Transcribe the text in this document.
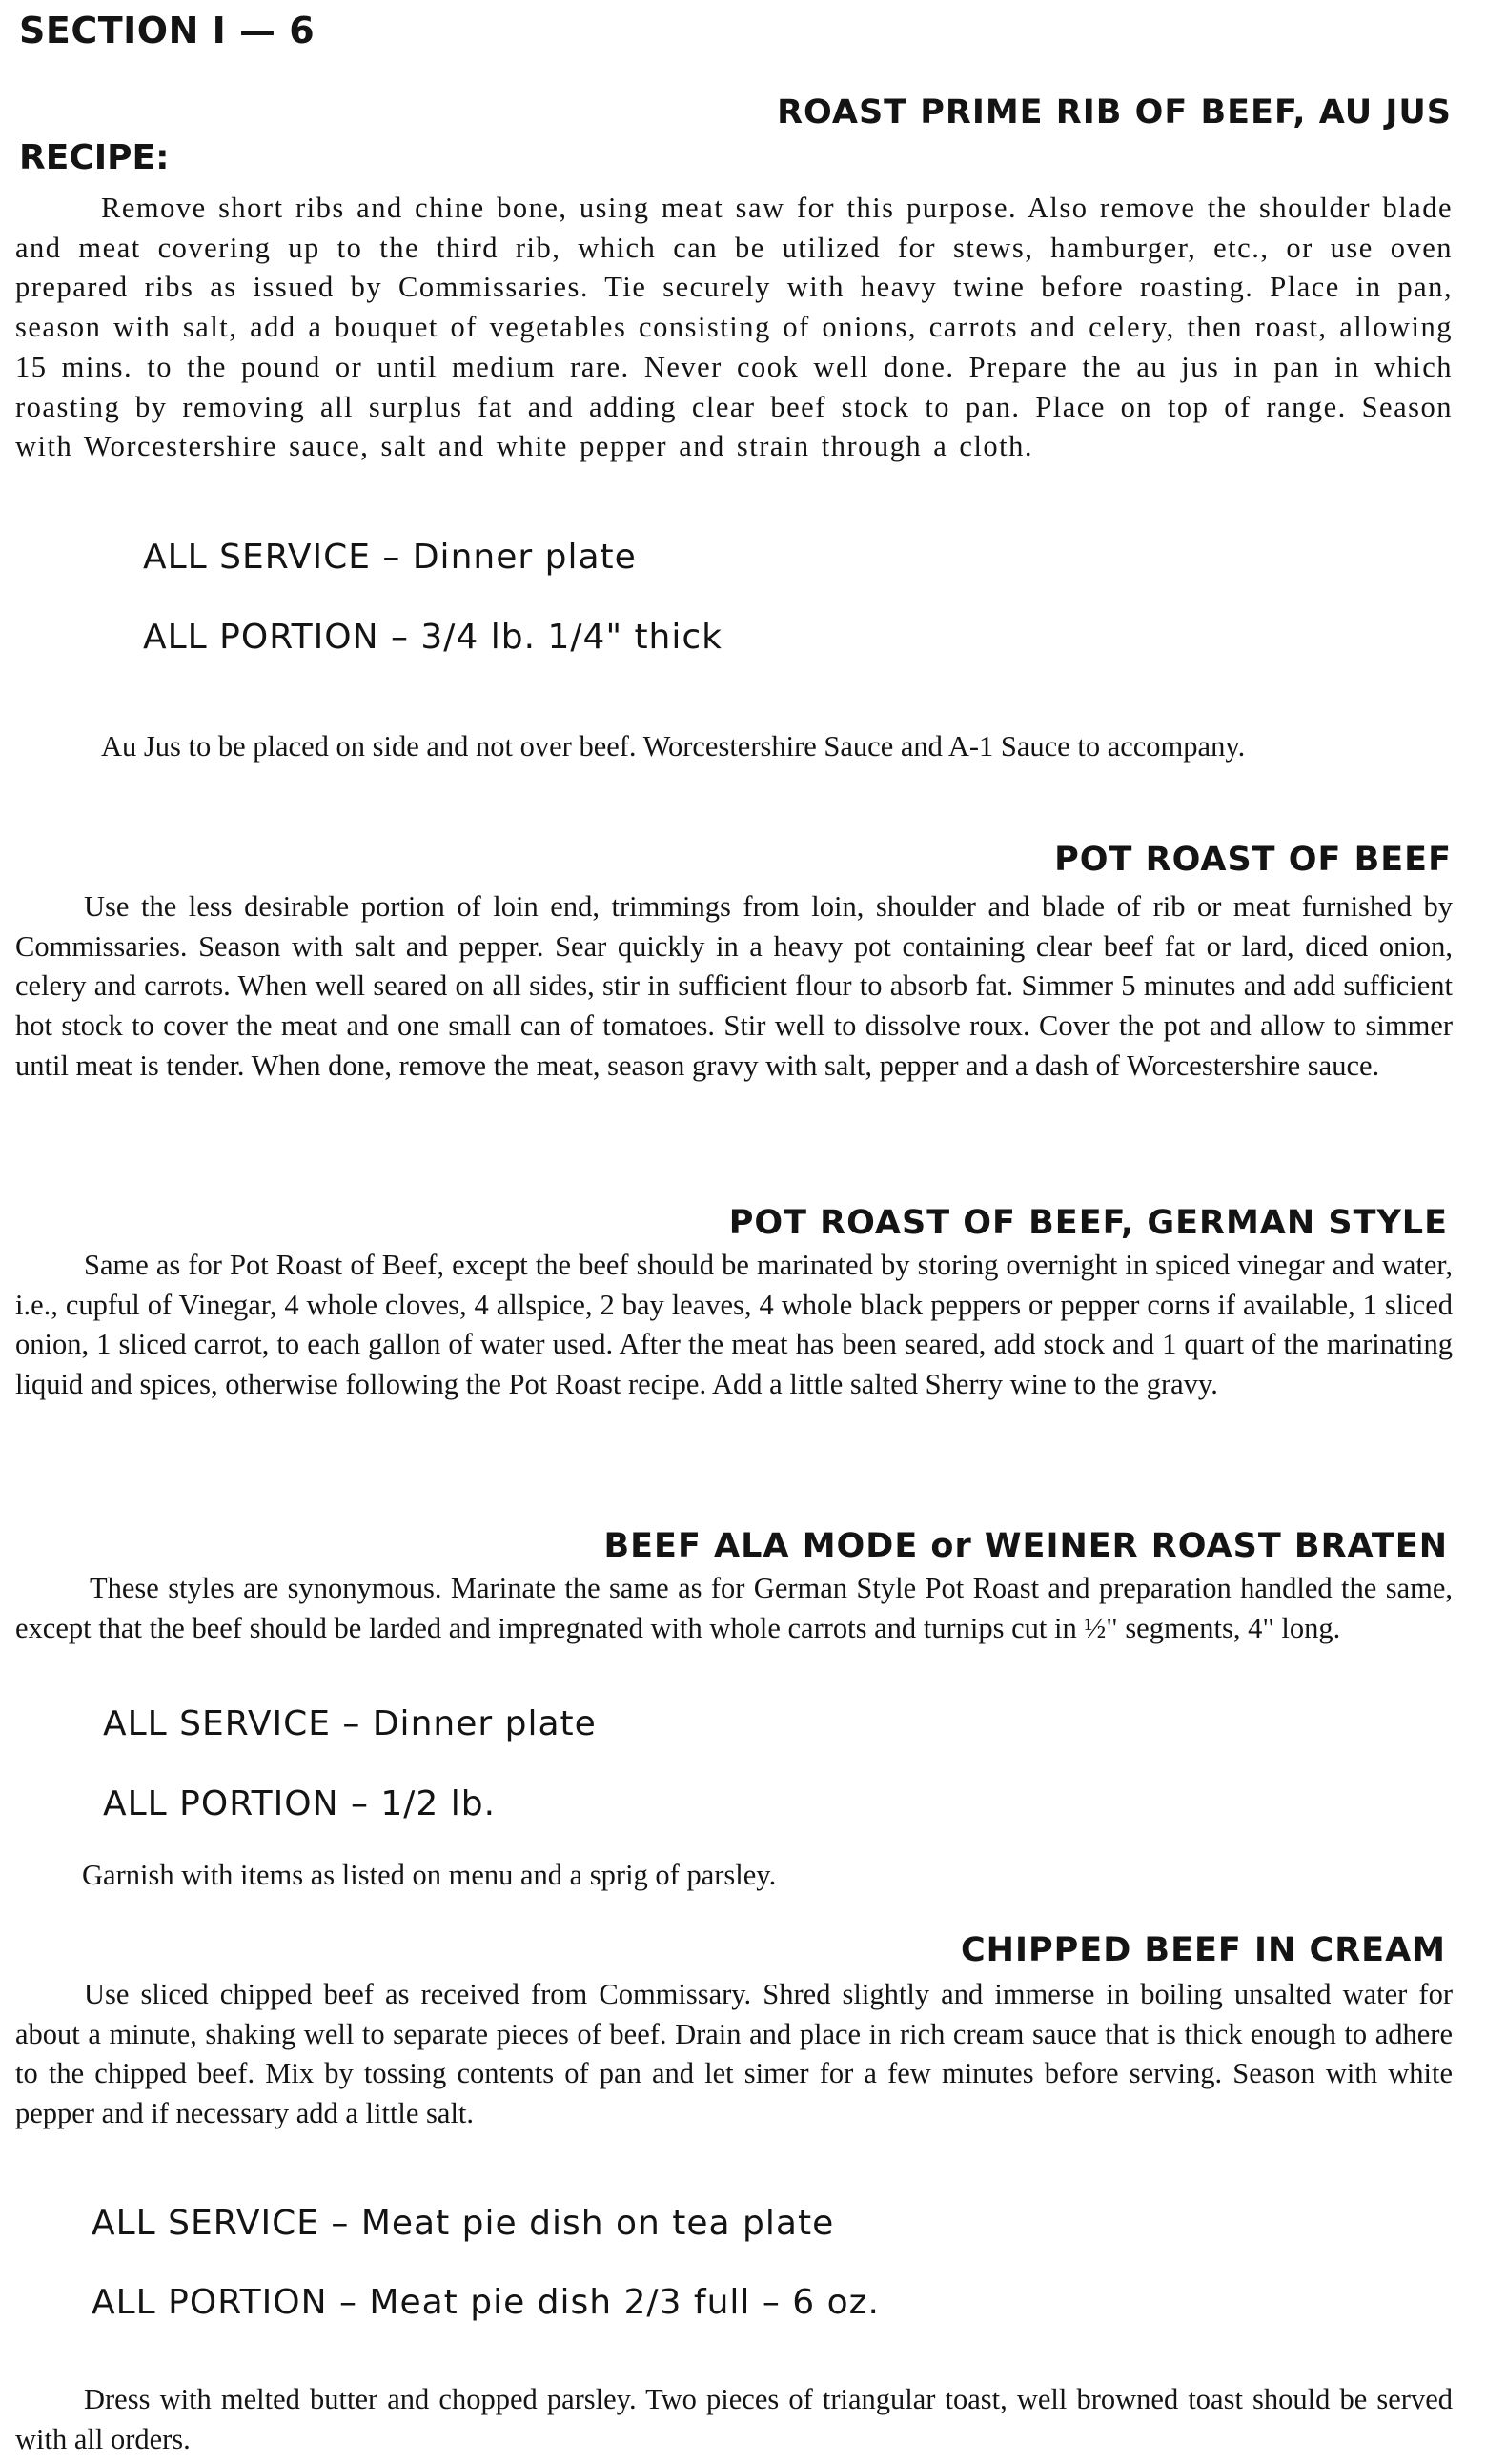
SECTION I — 6
ROAST PRIME RIB OF BEEF, AU JUS
RECIPE:

Remove short ribs and chine bone, using meat saw for this purpose. Also remove the shoulder blade and meat covering up to the third rib, which can be utilized for stews, hamburger, etc., or use oven prepared ribs as issued by Commissaries. Tie securely with heavy twine before roasting. Place in pan, season with salt, add a bouquet of vegetables consisting of onions, carrots and celery, then roast, allowing 15 mins. to the pound or until medium rare. Never cook well done. Prepare the au jus in pan in which roasting by removing all surplus fat and adding clear beef stock to pan. Place on top of range. Season with Worcestershire sauce, salt and white pepper and strain through a cloth.

ALL SERVICE – Dinner plate
ALL PORTION – 3/4 lb. 1/4" thick

Au Jus to be placed on side and not over beef. Worcestershire Sauce and A-1 Sauce to accompany.

POT ROAST OF BEEF

Use the less desirable portion of loin end, trimmings from loin, shoulder and blade of rib or meat furnished by Commissaries. Season with salt and pepper. Sear quickly in a heavy pot containing clear beef fat or lard, diced onion, celery and carrots. When well seared on all sides, stir in sufficient flour to absorb fat. Simmer 5 minutes and add sufficient hot stock to cover the meat and one small can of tomatoes. Stir well to dissolve roux. Cover the pot and allow to simmer until meat is tender. When done, remove the meat, season gravy with salt, pepper and a dash of Worcestershire sauce.

POT ROAST OF BEEF, GERMAN STYLE

Same as for Pot Roast of Beef, except the beef should be marinated by storing overnight in spiced vinegar and water, i.e., cupful of Vinegar, 4 whole cloves, 4 allspice, 2 bay leaves, 4 whole black peppers or pepper corns if available, 1 sliced onion, 1 sliced carrot, to each gallon of water used. After the meat has been seared, add stock and 1 quart of the marinating liquid and spices, otherwise following the Pot Roast recipe. Add a little salted Sherry wine to the gravy.

BEEF ALA MODE or WEINER ROAST BRATEN

These styles are synonymous. Marinate the same as for German Style Pot Roast and preparation handled the same, except that the beef should be larded and impregnated with whole carrots and turnips cut in ½" segments, 4" long.

ALL SERVICE – Dinner plate
ALL PORTION – 1/2 lb.

Garnish with items as listed on menu and a sprig of parsley.

CHIPPED BEEF IN CREAM

Use sliced chipped beef as received from Commissary. Shred slightly and immerse in boiling unsalted water for about a minute, shaking well to separate pieces of beef. Drain and place in rich cream sauce that is thick enough to adhere to the chipped beef. Mix by tossing contents of pan and let simer for a few minutes before serving. Season with white pepper and if necessary add a little salt.

ALL SERVICE – Meat pie dish on tea plate
ALL PORTION – Meat pie dish 2/3 full – 6 oz.

Dress with melted butter and chopped parsley. Two pieces of triangular toast, well browned toast should be served with all orders.
